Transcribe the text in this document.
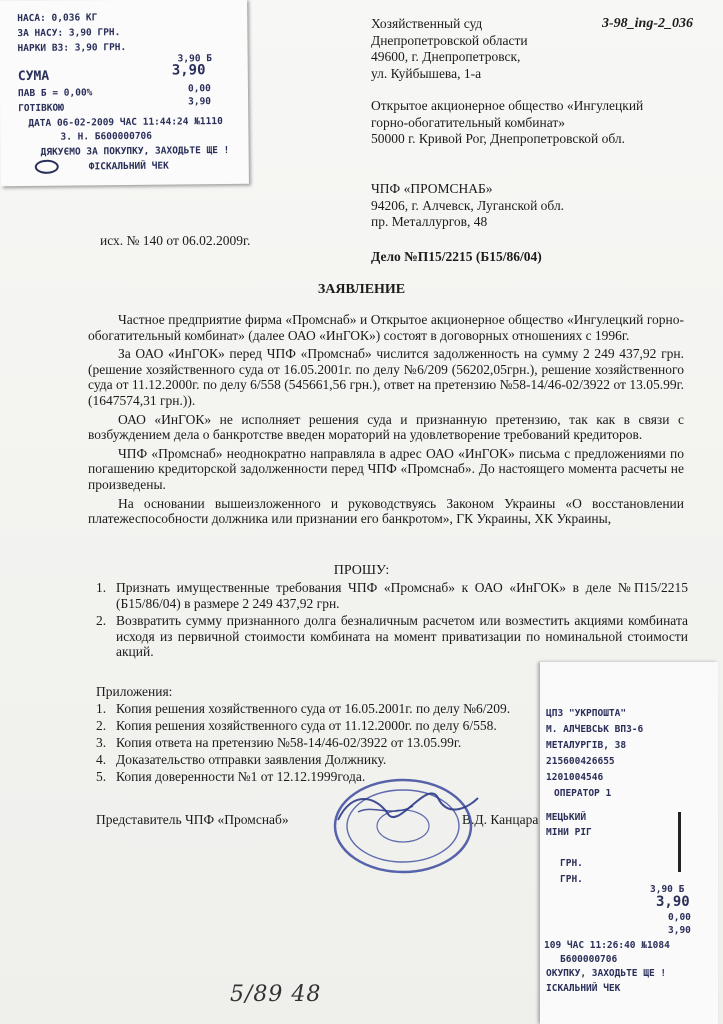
НАСА: 0,036 КГ
ЗА НАСУ: 3,90 ГРН.
НАРКИ ВЗ: 3,90 ГРН.
3,90 Б
СУМА	3,90
ПАВ Б = 0,00%	0,00
ГОТІВКОЮ
3,90
ДАТА 06-02-2009 ЧАС 11:44:24 №1110
З. Н. Б600000706
ДЯКУЄМО ЗА ПОКУПКУ, ЗАХОДЬТЕ ЩЕ !
ФІСКАЛЬНИЙ ЧЕК
3-98_ing-2_036
Хозяйственный суд
Днепропетровской области
49600, г. Днепропетровск,
ул. Куйбышева, 1-а
Открытое акционерное общество «Ингулецкий
горно-обогатительный комбинат»
50000 г. Кривой Рог, Днепропетровской обл.
ЧПФ «ПРОМСНАБ»
94206, г. Алчевск, Луганской обл.
пр. Металлургов, 48
исх. № 140 от 06.02.2009г.
Дело №П15/2215 (Б15/86/04)
ЗАЯВЛЕНИЕ

Частное предприятие фирма «Промснаб» и Открытое акционерное общество «Ингулецкий горно-обогатительный комбинат» (далее ОАО «ИнГОК») состоят в договорных отношениях с 1996г.

За ОАО «ИнГОК» перед ЧПФ «Промснаб» числится задолженность на сумму 2 249 437,92 грн. (решение хозяйственного суда от 16.05.2001г. по делу №6/209 (56202,05грн.), решение хозяйственного суда от 11.12.2000г. по делу 6/558 (545661,56 грн.), ответ на претензию №58-14/46-02/3922 от 13.05.99г. (1647574,31 грн.)).

ОАО «ИнГОК» не исполняет решения суда и признанную претензию, так как в связи с возбуждением дела о банкротстве введен мораторий на удовлетворение требований кредиторов.

ЧПФ «Промснаб» неоднократно направляла в адрес ОАО «ИнГОК» письма с предложениями по погашению кредиторской задолженности перед ЧПФ «Промснаб». До настоящего момента расчеты не произведены.

На основании вышеизложенного и руководствуясь Законом Украины «О восстановлении платежеспособности должника или признании его банкротом», ГК Украины, ХК Украины,

ПРОШУ:
1. Признать имущественные требования ЧПФ «Промснаб» к ОАО «ИнГОК» в деле №П15/2215 (Б15/86/04) в размере 2 249 437,92 грн.
2. Возвратить сумму признанного долга безналичным расчетом или возместить акциями комбината исходя из первичной стоимости комбината на момент приватизации по номинальной стоимости акций.
Приложения:
1. Копия решения хозяйственного суда от 16.05.2001г. по делу №6/209.
2. Копия решения хозяйственного суда от 11.12.2000г. по делу 6/558.
3. Копия ответа на претензию №58-14/46-02/3922 от 13.05.99г.
4. Доказательство отправки заявления Должнику.
5. Копия доверенности №1 от 12.12.1999года.
Представитель ЧПФ «Промснаб»	В.Д. Канцара
ЦПЗ "УКРПОШТА"
М. АЛЧЕВСЬК ВПЗ-6
МЕТАЛУРГІВ, 38
215600426655
1201004546
ОПЕРАТОР 1
МЕЦЬКИЙ
МІНИ РІГ
ГРН.
ГРН.
3,90 Б
3,90
0,00
3,90
109 ЧАС 11:26:40 №1084
Б600000706
ОКУПКУ, ЗАХОДЬТЕ ЩЕ !
ІСКАЛЬНИЙ ЧЕК
5/89 48
